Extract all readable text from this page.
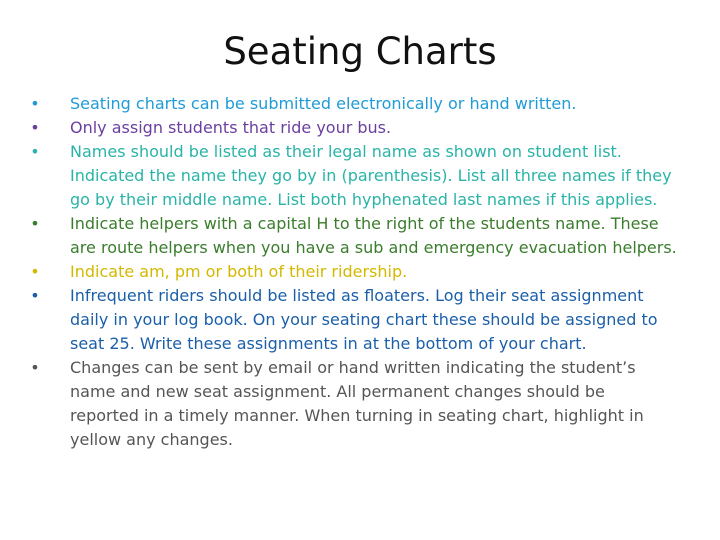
Seating Charts
• Seating charts can be submitted electronically or hand written.
• Only assign students that ride your bus.
• Names should be listed as their legal name as shown on student list.
Indicated the name they go by in (parenthesis). List all three names if they
go by their middle name. List both hyphenated last names if this applies.
• Indicate helpers with a capital H to the right of the students name. These
are route helpers when you have a sub and emergency evacuation helpers.
• Indicate am, pm or both of their ridership.
• Infrequent riders should be listed as floaters. Log their seat assignment
daily in your log book. On your seating chart these should be assigned to
seat 25. Write these assignments in at the bottom of your chart.
• Changes can be sent by email or hand written indicating the student’s
name and new seat assignment. All permanent changes should be
reported in a timely manner. When turning in seating chart, highlight in
yellow any changes.
